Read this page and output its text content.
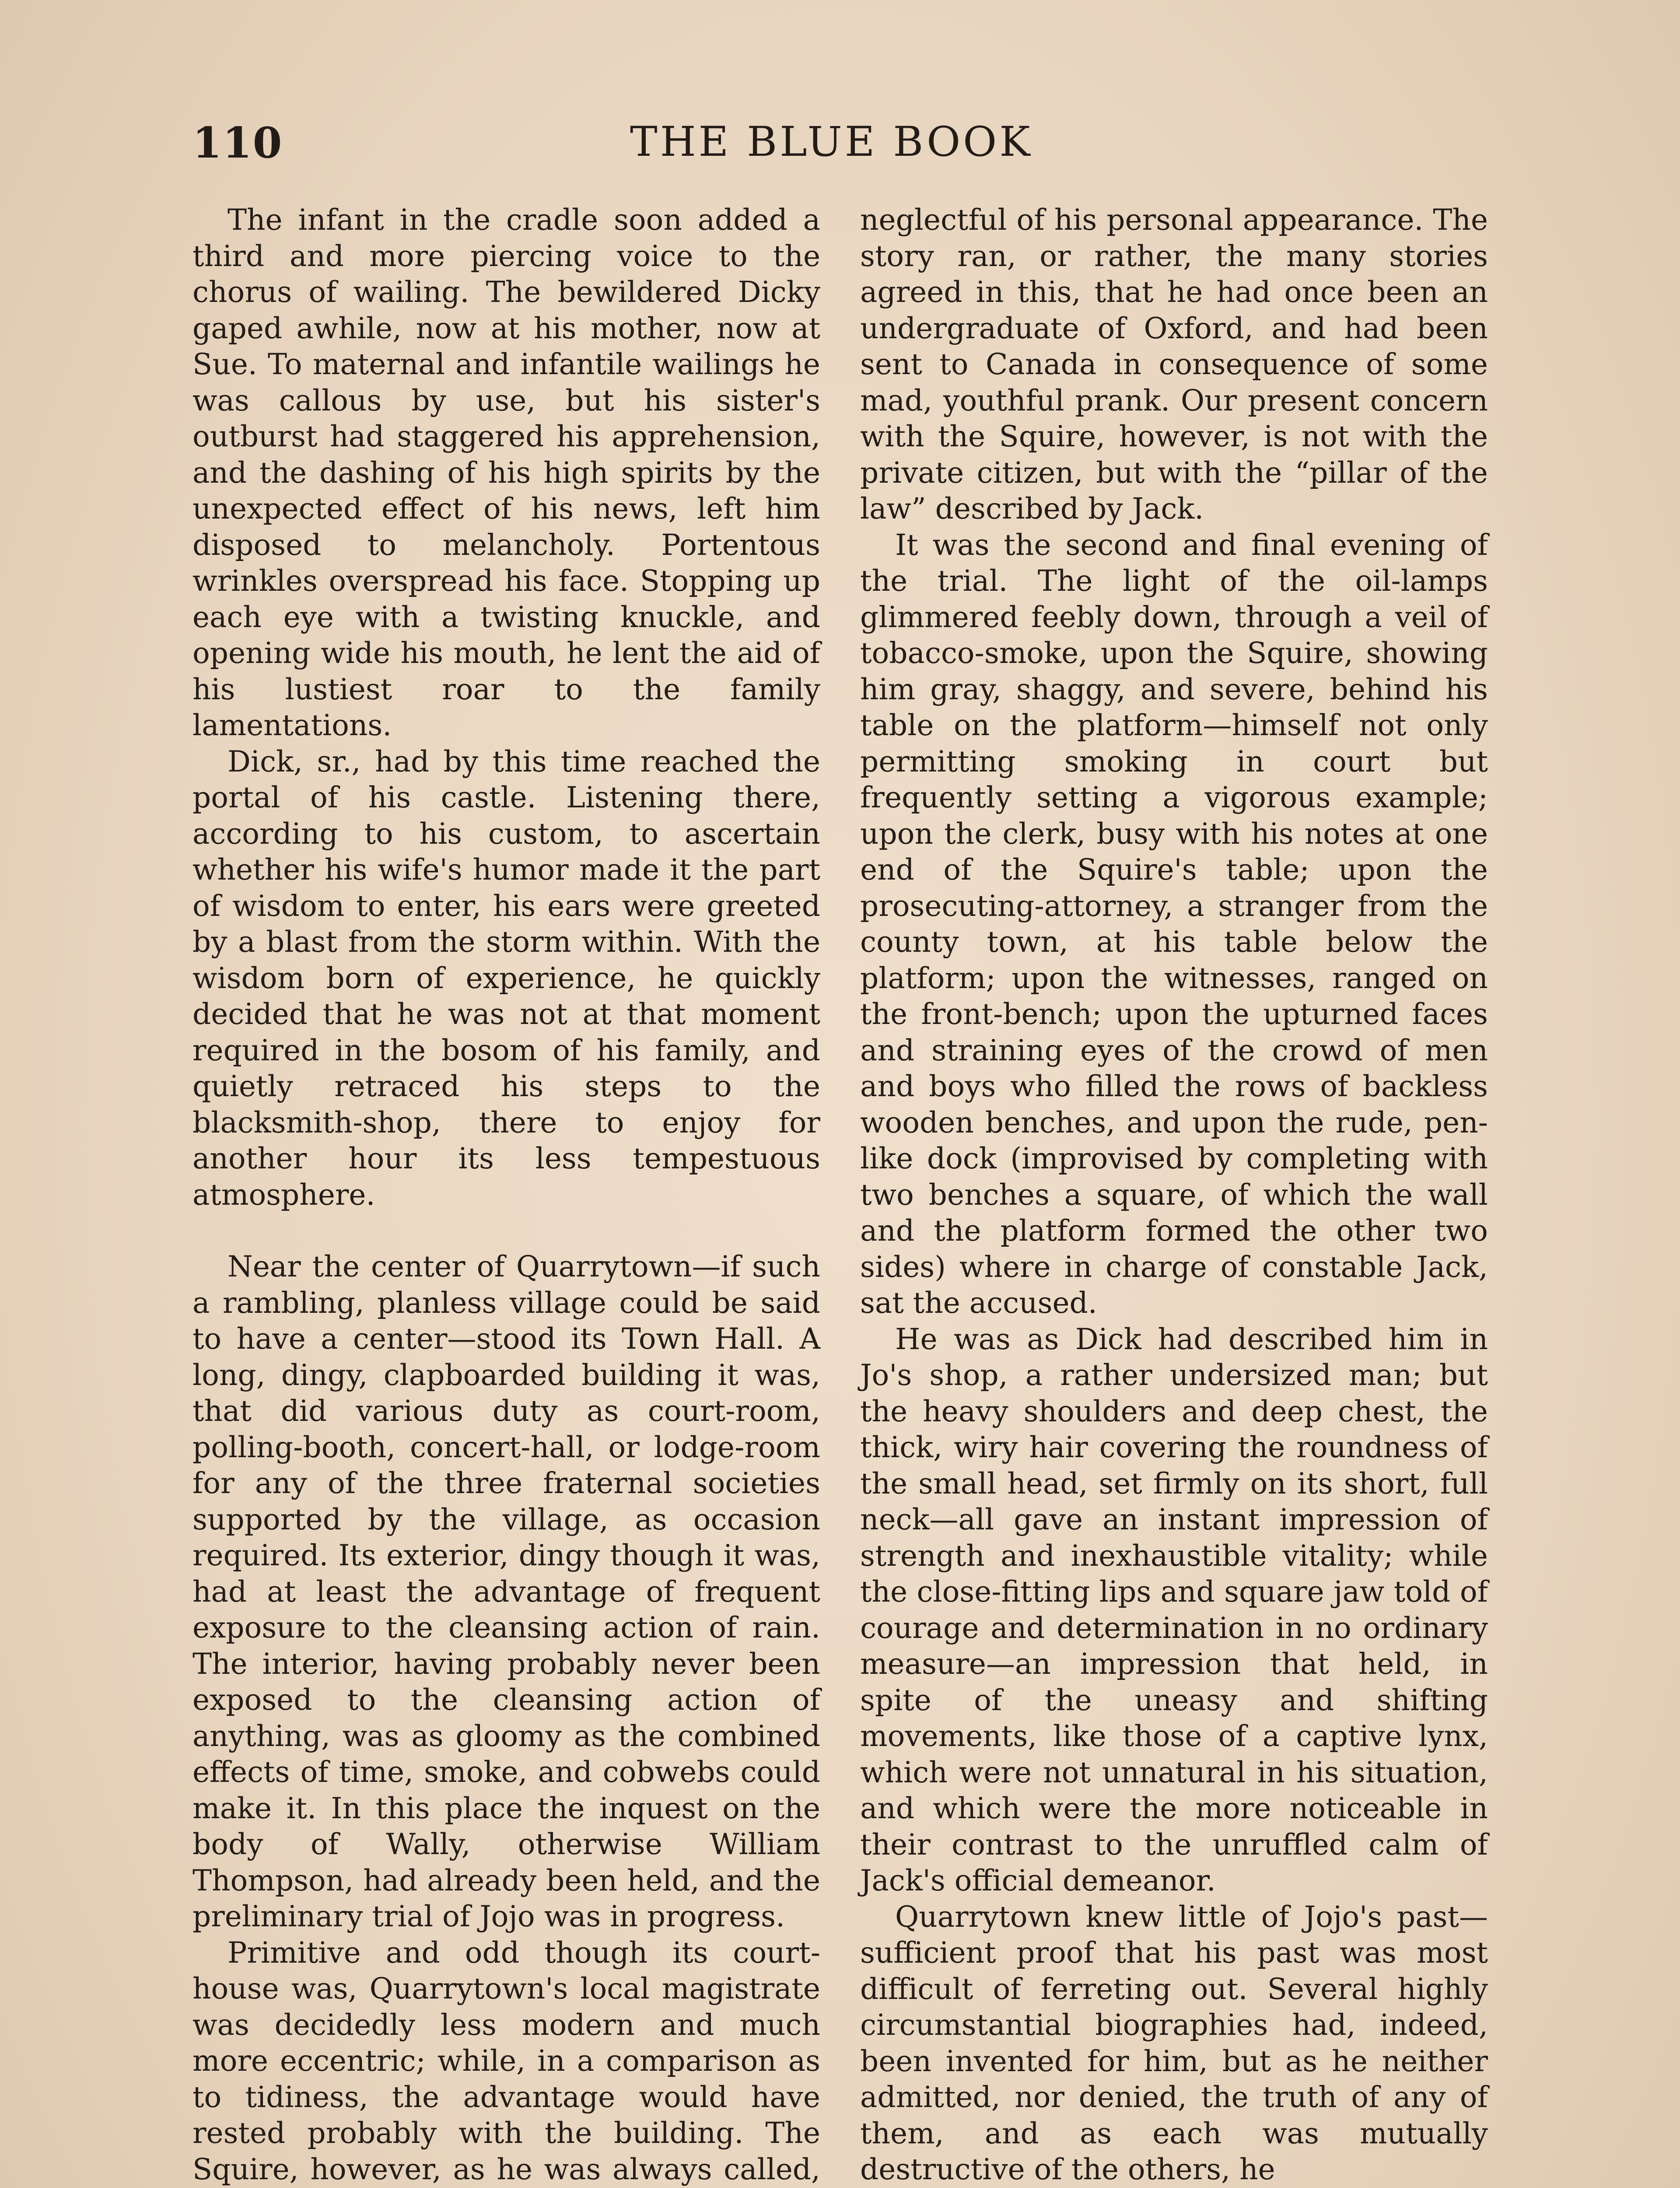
110	THE BLUE BOOK

The infant in the cradle soon added a third and more piercing voice to the chorus of wailing. The bewildered Dicky gaped awhile, now at his mother, now at Sue. To maternal and infantile wailings he was callous by use, but his sister's outburst had staggered his apprehension, and the dashing of his high spirits by the unexpected effect of his news, left him disposed to melancholy. Portentous wrinkles overspread his face. Stopping up each eye with a twisting knuckle, and opening wide his mouth, he lent the aid of his lustiest roar to the family lamentations.

Dick, sr., had by this time reached the portal of his castle. Listening there, according to his custom, to ascertain whether his wife's humor made it the part of wisdom to enter, his ears were greeted by a blast from the storm within. With the wisdom born of experience, he quickly decided that he was not at that moment required in the bosom of his family, and quietly retraced his steps to the blacksmith-shop, there to enjoy for another hour its less tempestuous atmosphere.

Near the center of Quarrytown—if such a rambling, planless village could be said to have a center—stood its Town Hall. A long, dingy, clapboarded building it was, that did various duty as court-room, polling-booth, concert-hall, or lodge-room for any of the three fraternal societies supported by the village, as occasion required. Its exterior, dingy though it was, had at least the advantage of frequent exposure to the cleansing action of rain. The interior, having probably never been exposed to the cleansing action of anything, was as gloomy as the combined effects of time, smoke, and cobwebs could make it. In this place the inquest on the body of Wally, otherwise William Thompson, had already been held, and the preliminary trial of Jojo was in progress.

Primitive and odd though its court-house was, Quarrytown's local magistrate was decidedly less modern and much more eccentric; while, in a comparison as to tidiness, the advantage would have rested probably with the building. The Squire, however, as he was always called,

neglectful of his personal appearance. The story ran, or rather, the many stories agreed in this, that he had once been an undergraduate of Oxford, and had been sent to Canada in consequence of some mad, youthful prank. Our present concern with the Squire, however, is not with the private citizen, but with the “pillar of the law” described by Jack.

It was the second and final evening of the trial. The light of the oil-lamps glimmered feebly down, through a veil of tobacco-smoke, upon the Squire, showing him gray, shaggy, and severe, behind his table on the platform—himself not only permitting smoking in court but frequently setting a vigorous example; upon the clerk, busy with his notes at one end of the Squire's table; upon the prosecuting-attorney, a stranger from the county town, at his table below the platform; upon the witnesses, ranged on the front-bench; upon the upturned faces and straining eyes of the crowd of men and boys who filled the rows of backless wooden benches, and upon the rude, pen-like dock (improvised by completing with two benches a square, of which the wall and the platform formed the other two sides) where in charge of constable Jack, sat the accused.

He was as Dick had described him in Jo's shop, a rather undersized man; but the heavy shoulders and deep chest, the thick, wiry hair covering the roundness of the small head, set firmly on its short, full neck—all gave an instant impression of strength and inexhaustible vitality; while the close-fitting lips and square jaw told of courage and determination in no ordinary measure—an impression that held, in spite of the uneasy and shifting movements, like those of a captive lynx, which were not unnatural in his situation, and which were the more noticeable in their contrast to the unruffled calm of Jack's official demeanor.

Quarrytown knew little of Jojo's past—sufficient proof that his past was most difficult of ferreting out. Several highly circumstantial biographies had, indeed, been invented for him, but as he neither admitted, nor denied, the truth of any of them, and as each was mutually destructive of the others, he
